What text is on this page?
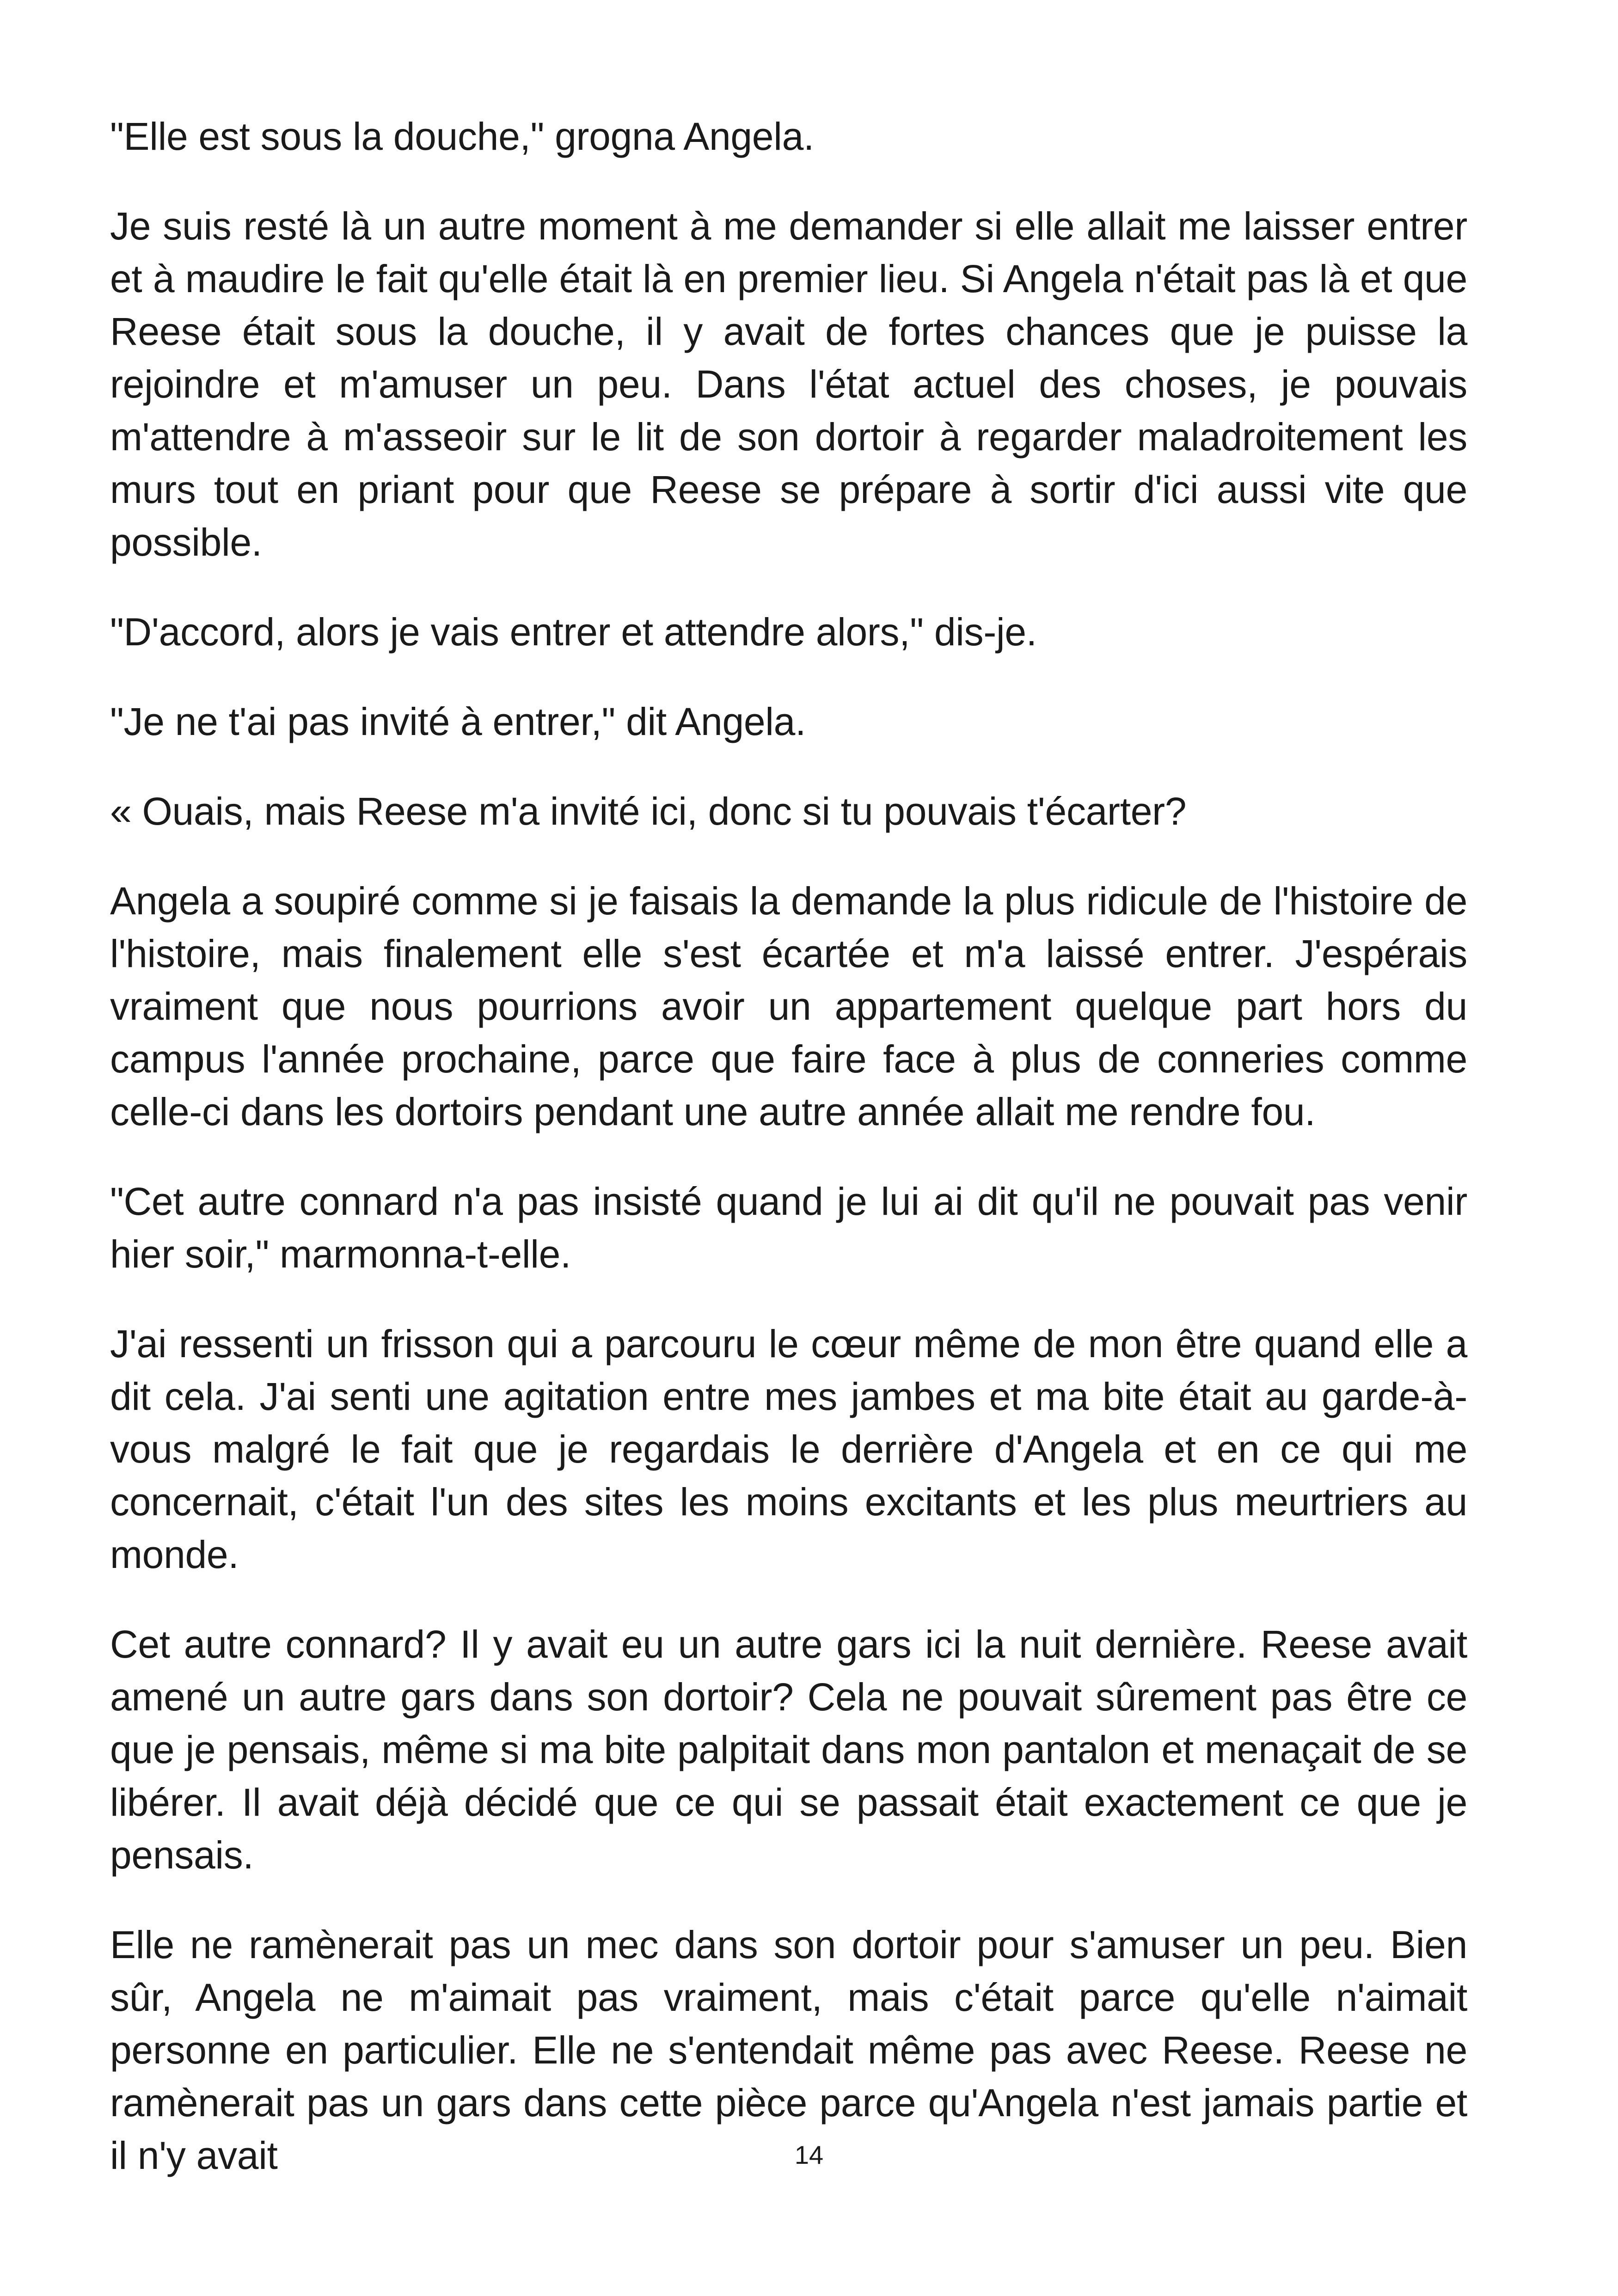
"Elle est sous la douche," grogna Angela.

Je suis resté là un autre moment à me demander si elle allait me laisser entrer et à maudire le fait qu'elle était là en premier lieu. Si Angela n'était pas là et que Reese était sous la douche, il y avait de fortes chances que je puisse la rejoindre et m'amuser un peu. Dans l'état actuel des choses, je pouvais m'attendre à m'asseoir sur le lit de son dortoir à regarder maladroitement les murs tout en priant pour que Reese se prépare à sortir d'ici aussi vite que possible.

"D'accord, alors je vais entrer et attendre alors," dis-je.

"Je ne t'ai pas invité à entrer," dit Angela.

« Ouais, mais Reese m'a invité ici, donc si tu pouvais t'écarter?

Angela a soupiré comme si je faisais la demande la plus ridicule de l'histoire de l'histoire, mais finalement elle s'est écartée et m'a laissé entrer. J'espérais vraiment que nous pourrions avoir un appartement quelque part hors du campus l'année prochaine, parce que faire face à plus de conneries comme celle-ci dans les dortoirs pendant une autre année allait me rendre fou.

"Cet autre connard n'a pas insisté quand je lui ai dit qu'il ne pouvait pas venir hier soir," marmonna-t-elle.

J'ai ressenti un frisson qui a parcouru le cœur même de mon être quand elle a dit cela. J'ai senti une agitation entre mes jambes et ma bite était au garde-à-vous malgré le fait que je regardais le derrière d'Angela et en ce qui me concernait, c'était l'un des sites les moins excitants et les plus meurtriers au monde.

Cet autre connard? Il y avait eu un autre gars ici la nuit dernière. Reese avait amené un autre gars dans son dortoir? Cela ne pouvait sûrement pas être ce que je pensais, même si ma bite palpitait dans mon pantalon et menaçait de se libérer. Il avait déjà décidé que ce qui se passait était exactement ce que je pensais.

Elle ne ramènerait pas un mec dans son dortoir pour s'amuser un peu. Bien sûr, Angela ne m'aimait pas vraiment, mais c'était parce qu'elle n'aimait personne en particulier. Elle ne s'entendait même pas avec Reese. Reese ne ramènerait pas un gars dans cette pièce parce qu'Angela n'est jamais partie et il n'y avait	14
